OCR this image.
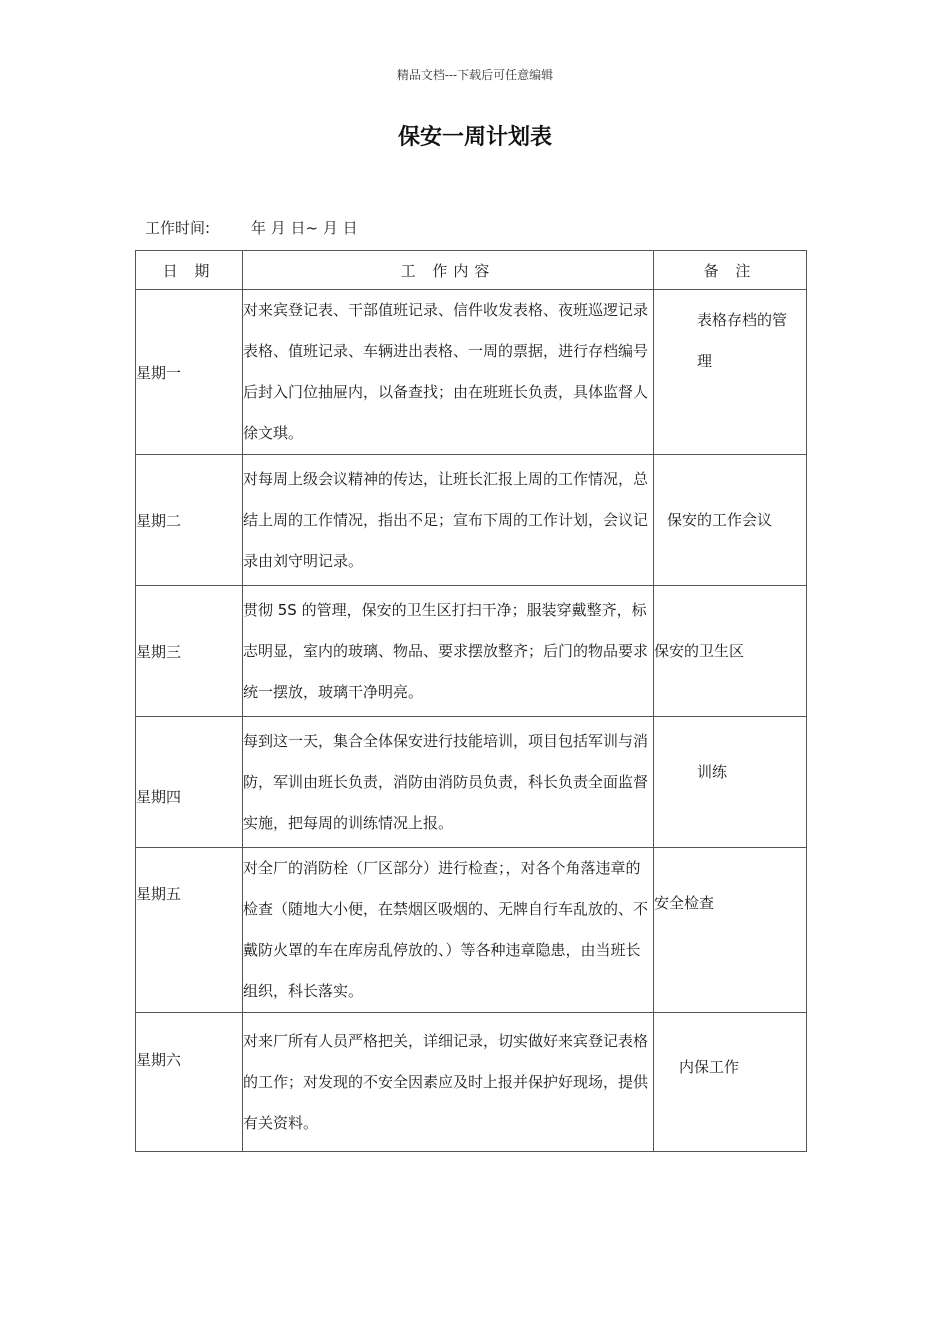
精品文档---下载后可任意编辑
保安一周计划表
工作时间:	年 月 日~ 月 日
日 期	工 作内容	备 注
星期一	对来宾登记表、干部值班记录、信件收发表格、夜班巡逻记录表格、值班记录、车辆进出表格、一周的票据，进行存档编号后封入门位抽屉内，以备查找；由在班班长负责，具体监督人徐文琪。	表格存档的管理
星期二	对每周上级会议精神的传达，让班长汇报上周的工作情况，总结上周的工作情况，指出不足；宣布下周的工作计划，会议记录由刘守明记录。	保安的工作会议
星期三	贯彻 5S 的管理，保安的卫生区打扫干净；服装穿戴整齐，标志明显，室内的玻璃、物品、要求摆放整齐；后门的物品要求统一摆放，玻璃干净明亮。	保安的卫生区
星期四	每到这一天，集合全体保安进行技能培训，项目包括军训与消防，军训由班长负责，消防由消防员负责，科长负责全面监督实施，把每周的训练情况上报。	训练
星期五	对全厂的消防栓（厂区部分）进行检查；，对各个角落违章的检查（随地大小便，在禁烟区吸烟的、无牌自行车乱放的、不戴防火罩的车在库房乱停放的、）等各种违章隐患，由当班长组织，科长落实。	安全检查
星期六	对来厂所有人员严格把关，详细记录，切实做好来宾登记表格的工作；对发现的不安全因素应及时上报并保护好现场，提供有关资料。	内保工作
